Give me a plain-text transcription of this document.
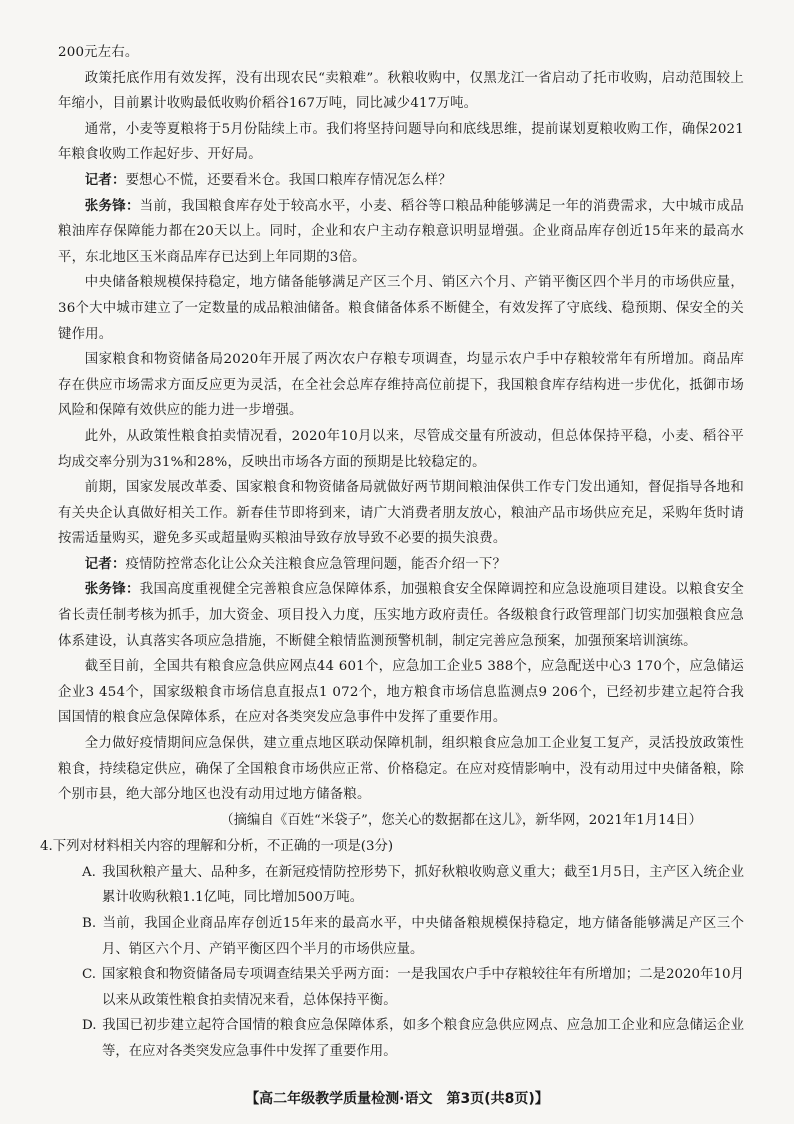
200元左右。

政策托底作用有效发挥，没有出现农民“卖粮难”。秋粮收购中，仅黑龙江一省启动了托市收购，启动范围较上年缩小，目前累计收购最低收购价稻谷167万吨，同比减少417万吨。

通常，小麦等夏粮将于5月份陆续上市。我们将坚持问题导向和底线思维，提前谋划夏粮收购工作，确保2021年粮食收购工作起好步、开好局。

记者：要想心不慌，还要看米仓。我国口粮库存情况怎么样？

张务锋：当前，我国粮食库存处于较高水平，小麦、稻谷等口粮品种能够满足一年的消费需求，大中城市成品粮油库存保障能力都在20天以上。同时，企业和农户主动存粮意识明显增强。企业商品库存创近15年来的最高水平，东北地区玉米商品库存已达到上年同期的3倍。

中央储备粮规模保持稳定，地方储备能够满足产区三个月、销区六个月、产销平衡区四个半月的市场供应量，36个大中城市建立了一定数量的成品粮油储备。粮食储备体系不断健全，有效发挥了守底线、稳预期、保安全的关键作用。

国家粮食和物资储备局2020年开展了两次农户存粮专项调查，均显示农户手中存粮较常年有所增加。商品库存在供应市场需求方面反应更为灵活，在全社会总库存维持高位前提下，我国粮食库存结构进一步优化，抵御市场风险和保障有效供应的能力进一步增强。

此外，从政策性粮食拍卖情况看，2020年10月以来，尽管成交量有所波动，但总体保持平稳，小麦、稻谷平均成交率分别为31%和28%，反映出市场各方面的预期是比较稳定的。

前期，国家发展改革委、国家粮食和物资储备局就做好两节期间粮油保供工作专门发出通知，督促指导各地和有关央企认真做好相关工作。新春佳节即将到来，请广大消费者朋友放心，粮油产品市场供应充足，采购年货时请按需适量购买，避免多买或超量购买粮油导致存放导致不必要的损失浪费。

记者：疫情防控常态化让公众关注粮食应急管理问题，能否介绍一下？

张务锋：我国高度重视健全完善粮食应急保障体系，加强粮食安全保障调控和应急设施项目建设。以粮食安全省长责任制考核为抓手，加大资金、项目投入力度，压实地方政府责任。各级粮食行政管理部门切实加强粮食应急体系建设，认真落实各项应急措施，不断健全粮情监测预警机制，制定完善应急预案，加强预案培训演练。

截至目前，全国共有粮食应急供应网点44 601个，应急加工企业5 388个，应急配送中心3 170个，应急储运企业3 454个，国家级粮食市场信息直报点1 072个，地方粮食市场信息监测点9 206个，已经初步建立起符合我国国情的粮食应急保障体系，在应对各类突发应急事件中发挥了重要作用。

全力做好疫情期间应急保供，建立重点地区联动保障机制，组织粮食应急加工企业复工复产，灵活投放政策性粮食，持续稳定供应，确保了全国粮食市场供应正常、价格稳定。在应对疫情影响中，没有动用过中央储备粮，除个别市县，绝大部分地区也没有动用过地方储备粮。

（摘编自《百姓“米袋子”，您关心的数据都在这儿》，新华网，2021年1月14日）

4.下列对材料相关内容的理解和分析，不正确的一项是(3分)

A. 我国秋粮产量大、品种多，在新冠疫情防控形势下，抓好秋粮收购意义重大；截至1月5日，主产区入统企业累计收购秋粮1.1亿吨，同比增加500万吨。

B. 当前，我国企业商品库存创近15年来的最高水平，中央储备粮规模保持稳定，地方储备能够满足产区三个月、销区六个月、产销平衡区四个半月的市场供应量。

C. 国家粮食和物资储备局专项调查结果关乎两方面：一是我国农户手中存粮较往年有所增加；二是2020年10月以来从政策性粮食拍卖情况来看，总体保持平衡。

D. 我国已初步建立起符合国情的粮食应急保障体系，如多个粮食应急供应网点、应急加工企业和应急储运企业等，在应对各类突发应急事件中发挥了重要作用。

【高二年级教学质量检测·语文　第3页(共8页)】
